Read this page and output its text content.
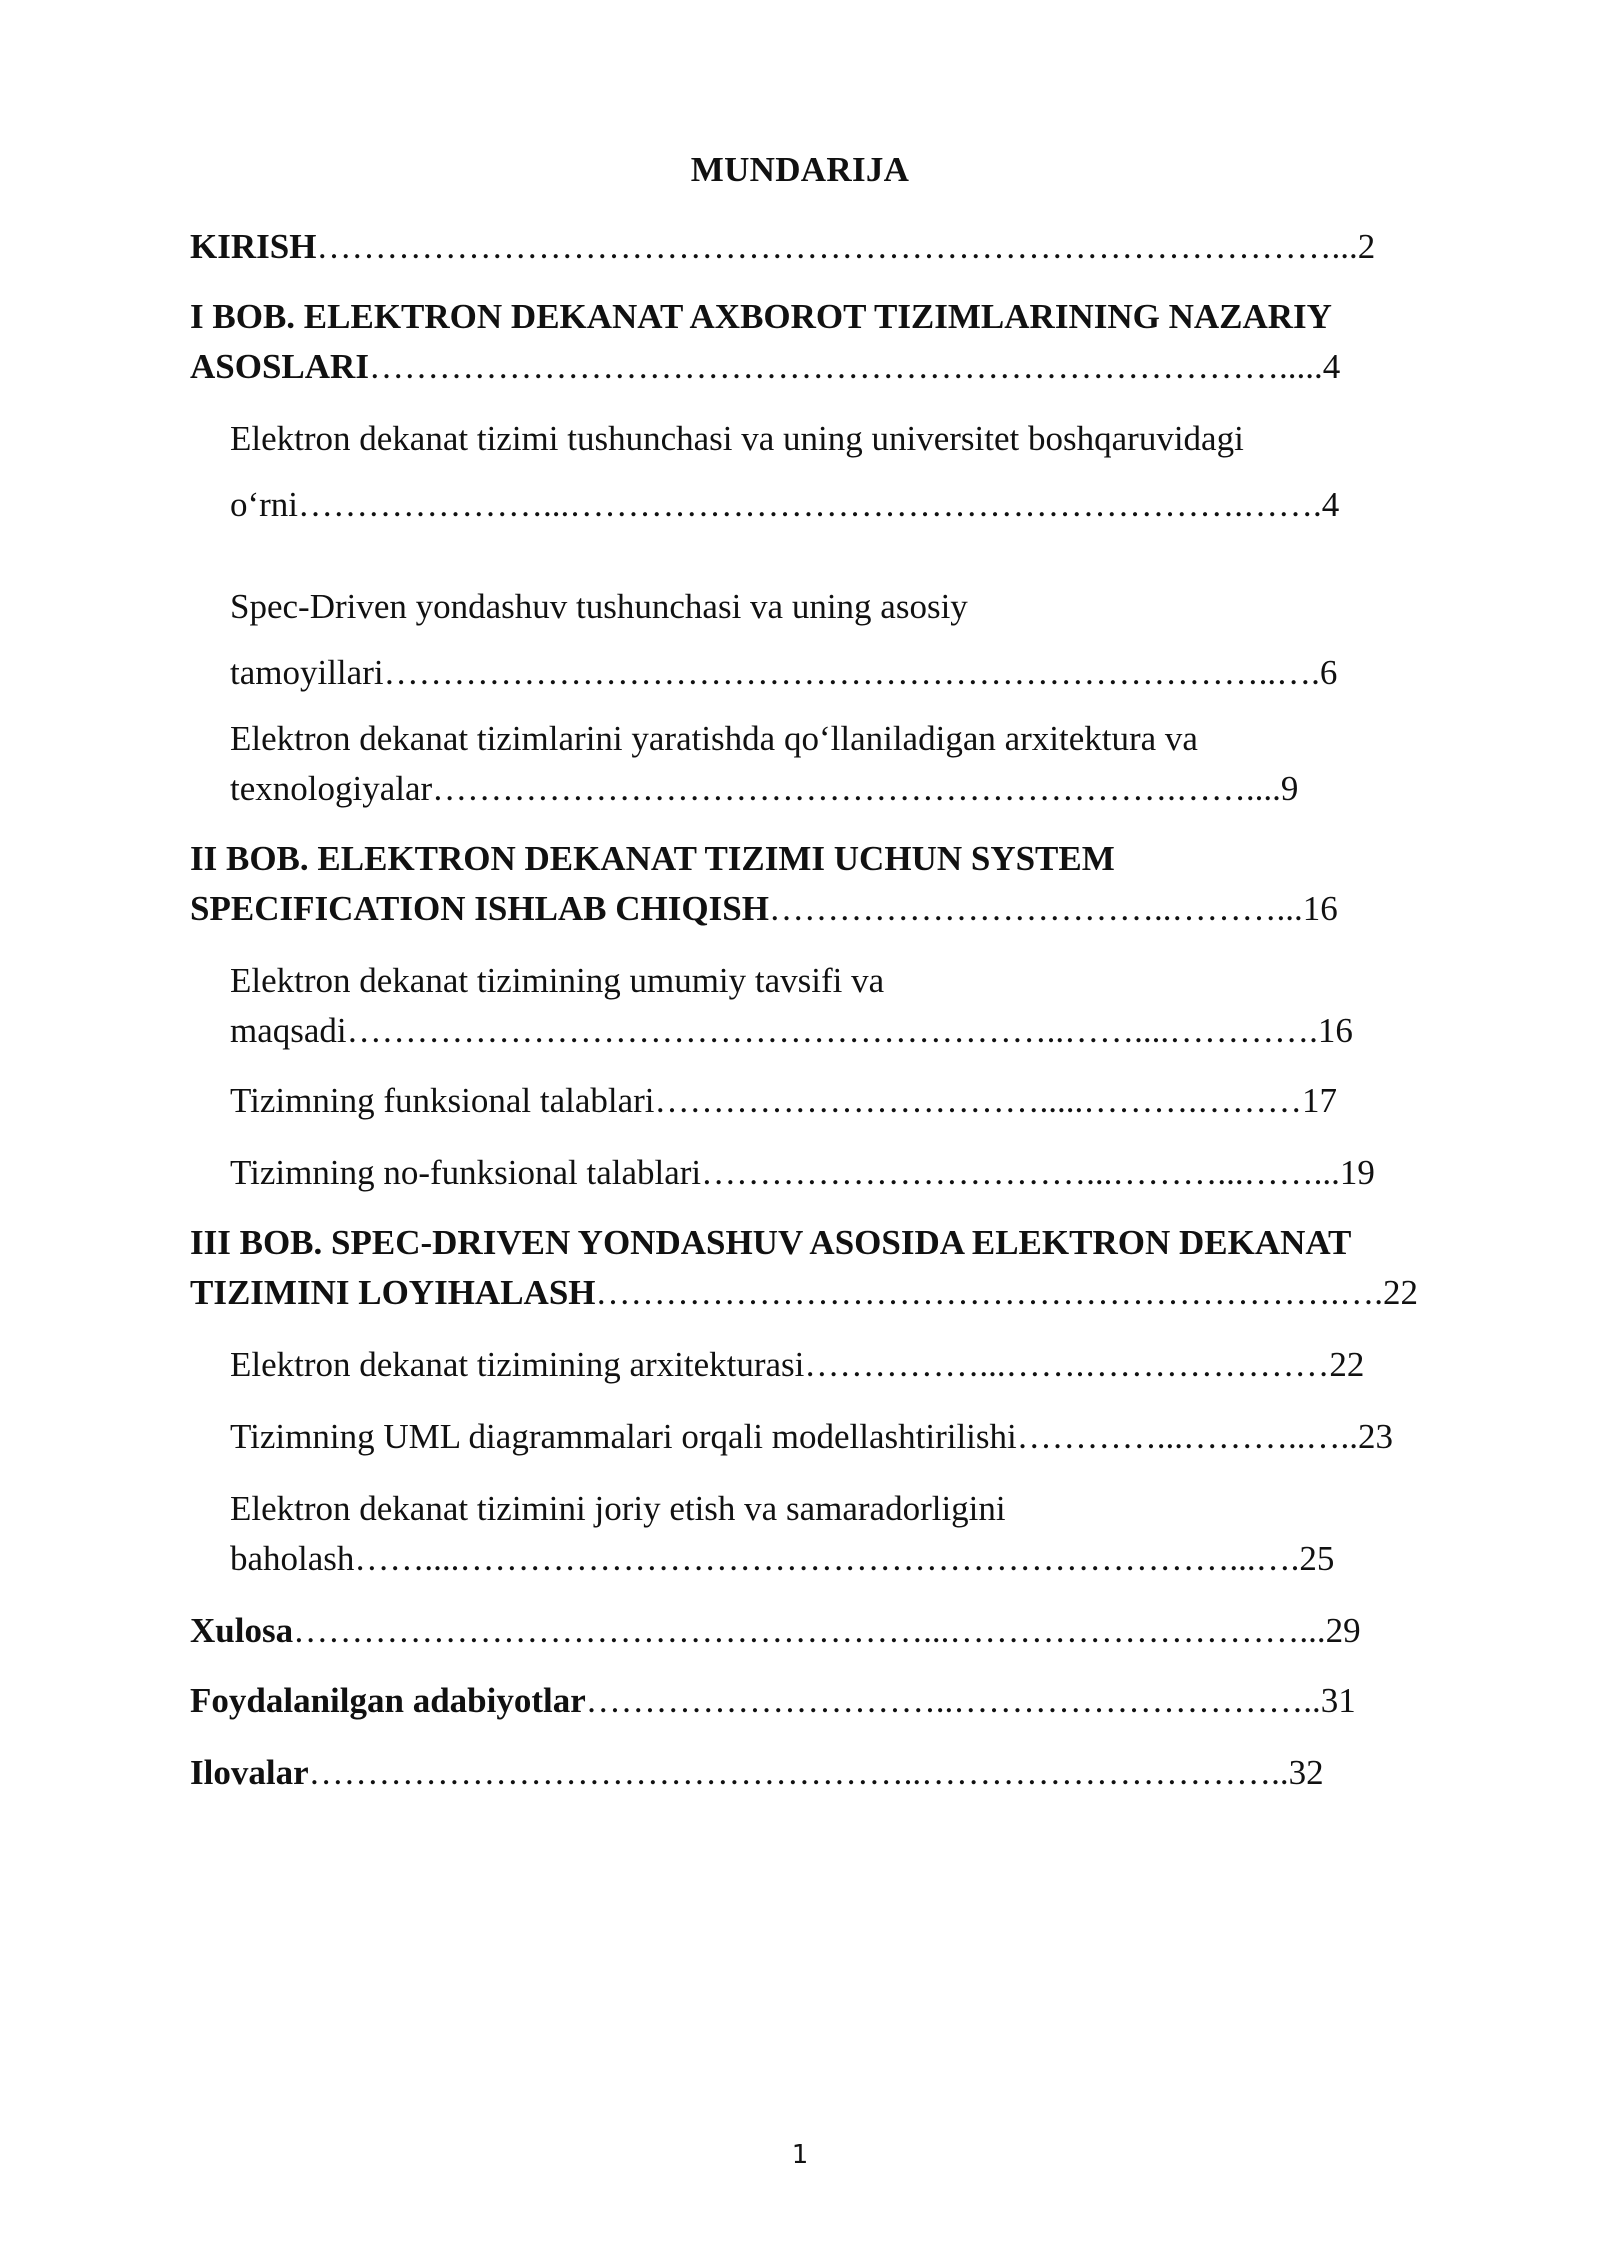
MUNDARIJA
KIRISH……………………………………………………………………………...2
I BOB. ELEKTRON DEKANAT AXBOROT TIZIMLARINING NAZARIY
ASOSLARI…………………………………………………………………….....4
Elektron dekanat tizimi tushunchasi va uning universitet boshqaruvidagi
o‘rni…………………...………………………………………………….…….4
Spec-Driven yondashuv tushunchasi va uning asosiy
tamoyillari…………………………………………………………………..….6
Elektron dekanat tizimlarini yaratishda qo‘llaniladigan arxitektura va
texnologiyalar……………………………………………………….……....9
II BOB. ELEKTRON DEKANAT TIZIMI UCHUN SYSTEM
SPECIFICATION ISHLAB CHIQISH……………………………..………...16
Elektron dekanat tizimining umumiy tavsifi va
maqsadi……………………………………………………..……....………….16
Tizimning funksional talablari…………………………….....……….………17
Tizimning no-funksional talablari……………………………...………...……...19
III BOB. SPEC-DRIVEN YONDASHUV ASOSIDA ELEKTRON DEKANAT
TIZIMINI LOYIHALASH……………………………………………………….….22
Elektron dekanat tizimining arxitekturasi……………...…….…………………22
Tizimning UML diagrammalari orqali modellashtirilishi…………...………..…..23
Elektron dekanat tizimini joriy etish va samaradorligini
baholash……....…………………………………………………………...….25
Xulosa………………………………………………...…………………………...29
Foydalanilgan adabiyotlar…………………………..…………………………..31
Ilovalar……………………………………………..…………………………..32
1
